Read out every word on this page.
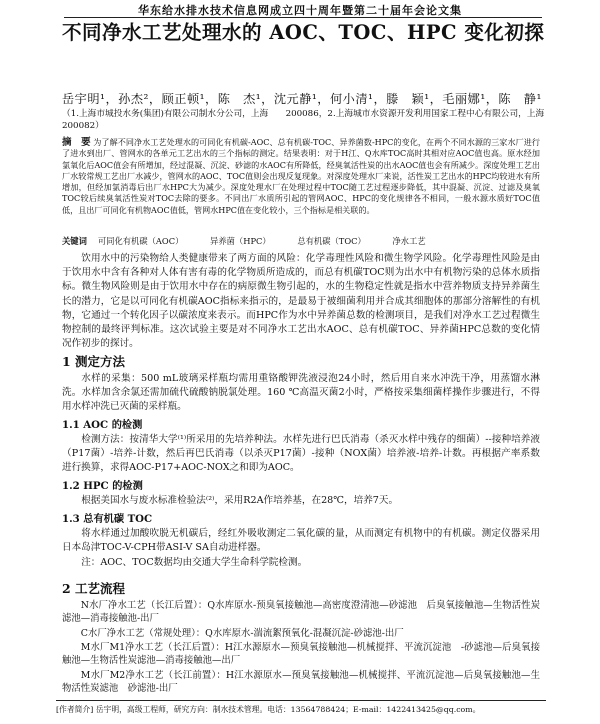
华东给水排水技术信息网成立四十周年暨第二十届年会论文集
不同净水工艺处理水的 AOC、TOC、HPC 变化初探
岳宇明¹，孙杰²，顾正顿¹，陈　杰¹，沈元静¹，何小清¹，滕　颖¹，毛丽娜¹，陈　静¹
（1.上海市城投水务(集团)有限公司制水分公司，上海　　200086，2.上海城市水资源开发利用国家工程中心有限公司，上海　　200082）
摘　要 为了解不同净水工艺处理水的可同化有机碳-AOC、总有机碳-TOC、异养菌数-HPC的变化，在两个不同水源的三家水厂进行了进水到出厂、管网水的各单元工艺出水的三个指标的测定。结果表明：对于H江、Q水库TOC高时其相对应AOC值也高。原水经加氯氧化后AOC值会有所增加，经过混凝、沉淀、砂滤的水AOC有所降低，经臭氧活性炭的出水AOC值也会有所减少。深度处理工艺出厂水较常规工艺出厂水减少，管网水的AOC、TOC值则会出现反复现象。对深度处理水厂来说，活性炭工艺出水的HPC均较进水有所增加，但经加氯消毒后出厂水HPC大为减少。深度处理水厂在处理过程中TOC随工艺过程逐步降低，其中混凝、沉淀、过滤及臭氧TOC较后续臭氧活性炭对TOC去除的要多。不同出厂水质所引起的管网AOC、HPC的变化规律各不相同，一般水源水质好TOC值低，且出厂可同化有机物AOC值低，管网水HPC值在变化较小，三个指标是相关联的。
关键词　 可同化有机碳（AOC）	异养菌（HPC）	总有机碳（TOC）	净水工艺
饮用水中的污染物给人类健康带来了两方面的风险：化学毒理性风险和微生物学风险。化学毒理性风险是由于饮用水中含有各种对人体有害有毒的化学物质所造成的，而总有机碳TOC则为出水中有机物污染的总体水质指标。微生物风险则是由于饮用水中存在的病原微生物引起的，水的生物稳定性就是指水中营养物质支持异养菌生长的潜力，它是以可同化有机碳AOC指标来指示的，是最易于被细菌利用并合成其细胞体的那部分溶解性的有机物，它通过一个转化因子以碳浓度来表示。而HPC作为水中异养菌总数的检测项目，是我们对净水工艺过程微生物控制的最终评判标准。这次试验主要是对不同净水工艺出水AOC、总有机碳TOC、异养菌HPC总数的变化情况作初步的探讨。
1 测定方法

水样的采集：500 mL玻璃采样瓶均需用重铬酸钾洗液浸泡24小时，然后用自来水冲洗干净，用蒸馏水淋洗。水样加含余氯还需加硫代硫酸钠脱氯处理。160 ℃高温灭菌2小时，严格按采集细菌样操作步骤进行，不得用水样冲洗已灭菌的采样瓶。

1.1 AOC 的检测

检测方法：按清华大学⁽¹⁾所采用的先培养种法。水样先进行巴氏消毒（杀灭水样中残存的细菌）--接种培养液（P17菌）-培养-计数，然后再巴氏消毒（以杀灭P17菌）-接种（NOX菌）培养液-培养-计数。再根据产率系数进行换算，求得AOC-P17+AOC-NOX之和即为AOC。

1.2 HPC 的检测

根据美国水与废水标准检验法⁽²⁾，采用R2A作培养基，在28℃，培养7天。

1.3 总有机碳 TOC

将水样通过加酸吹脱无机碳后，经红外吸收测定二氧化碳的量，从而测定有机物中的有机碳。测定仪器采用日本岛津TOC-V-CPH带ASI-V SA自动进样器。

注：AOC、TOC数据均由交通大学生命科学院检测。

2 工艺流程

N水厂净水工艺（长江后置）：Q水库原水-预臭氧接触池—高密度澄清池—砂滤池　后臭氧接触池—生物活性炭滤池—消毒接触池-出厂

C水厂净水工艺（常规处理）：Q水库原水-湍流絮预氧化-混凝沉淀-砂滤池-出厂

M水厂M1净水工艺（长江后置）：H江水源原水—预臭氧接触池—机械搅拌、平流沉淀池　-砂滤池—后臭氧接触池—生物活性炭滤池—消毒接触池—出厂

M水厂M2净水工艺（长江前置）：H江水源原水—预臭氧接触池—机械搅拌、平流沉淀池—后臭氧接触池—生物活性炭滤池　砂滤池-出厂

[作者简介] 岳宇明，高级工程师，研究方向：制水技术管理。电话：13564788424；E-mail：1422413425@qq.com。
